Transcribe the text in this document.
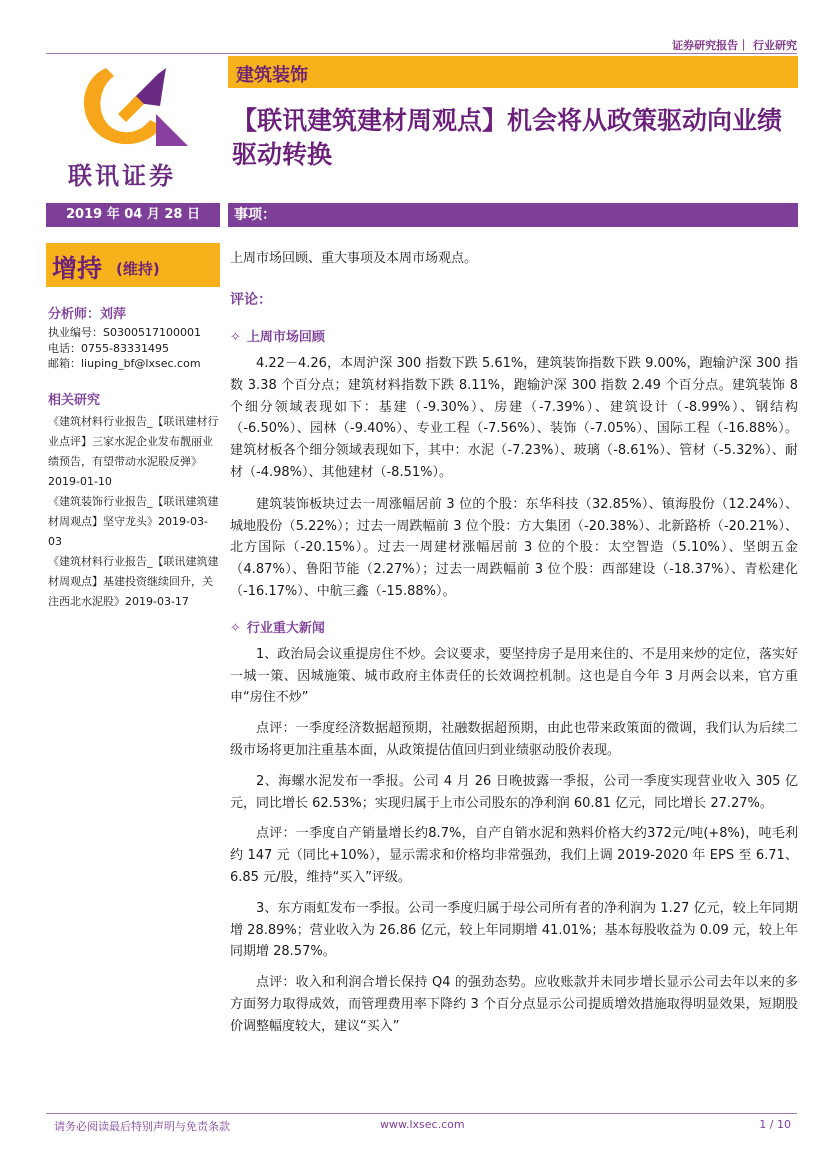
证券研究报告｜ 行业研究
联讯证券
建筑装饰
【联讯建筑建材周观点】机会将从政策驱动向业绩驱动转换
2019 年 04 月 28 日	事项：
增持 (维持)
分析师：刘萍
执业编号：S0300517100001
电话：0755-83331495
邮箱：liuping_bf@lxsec.com
相关研究
《建筑材料行业报告_【联讯建材行业点评】三家水泥企业发布靓丽业绩预告，有望带动水泥股反弹》2019-01-10
《建筑装饰行业报告_【联讯建筑建材周观点】坚守龙头》2019-03-03
《建筑材料行业报告_【联讯建筑建材周观点】基建投资继续回升，关注西北水泥股》2019-03-17

上周市场回顾、重大事项及本周市场观点。

评论：
✧ 上周市场回顾

4.22－4.26，本周沪深 300 指数下跌 5.61%，建筑装饰指数下跌 9.00%，跑输沪深 300 指数 3.38 个百分点；建筑材料指数下跌 8.11%，跑输沪深 300 指数 2.49 个百分点。建筑装饰 8 个细分领域表现如下：基建（-9.30%）、房建（-7.39%）、建筑设计（-8.99%）、钢结构（-6.50%）、园林（-9.40%）、专业工程（-7.56%）、装饰（-7.05%）、国际工程（-16.88%）。建筑材板各个细分领域表现如下，其中：水泥（-7.23%）、玻璃（-8.61%）、管材（-5.32%）、耐材（-4.98%）、其他建材（-8.51%）。

建筑装饰板块过去一周涨幅居前 3 位的个股：东华科技（32.85%）、镇海股份（12.24%）、城地股份（5.22%）；过去一周跌幅前 3 位个股：方大集团（-20.38%）、北新路桥（-20.21%）、北方国际（-20.15%）。过去一周建材涨幅居前 3 位的个股：太空智造（5.10%）、坚朗五金（4.87%）、鲁阳节能（2.27%）；过去一周跌幅前 3 位个股：西部建设（-18.37%）、青松建化（-16.17%）、中航三鑫（-15.88%）。

✧ 行业重大新闻

1、政治局会议重提房住不炒。会议要求，要坚持房子是用来住的、不是用来炒的定位，落实好一城一策、因城施策、城市政府主体责任的长效调控机制。这也是自今年 3 月两会以来，官方重申“房住不炒”

点评：一季度经济数据超预期，社融数据超预期，由此也带来政策面的微调，我们认为后续二级市场将更加注重基本面，从政策提估值回归到业绩驱动股价表现。

2、海螺水泥发布一季报。公司 4 月 26 日晚披露一季报，公司一季度实现营业收入 305 亿元，同比增长 62.53%；实现归属于上市公司股东的净利润 60.81 亿元，同比增长 27.27%。

点评：一季度自产销量增长约8.7%，自产自销水泥和熟料价格大约372元/吨(+8%)，吨毛利约 147 元（同比+10%），显示需求和价格均非常强劲，我们上调 2019-2020 年 EPS 至 6.71、6.85 元/股，维持“买入”评级。

3、东方雨虹发布一季报。公司一季度归属于母公司所有者的净利润为 1.27 亿元，较上年同期增 28.89%；营业收入为 26.86 亿元，较上年同期增 41.01%；基本每股收益为 0.09 元，较上年同期增 28.57%。

点评：收入和利润合增长保持 Q4 的强劲态势。应收账款并未同步增长显示公司去年以来的多方面努力取得成效，而管理费用率下降约 3 个百分点显示公司提质增效措施取得明显效果，短期股价调整幅度较大，建议“买入”

请务必阅读最后特别声明与免责条款	www.lxsec.com	1 / 10
